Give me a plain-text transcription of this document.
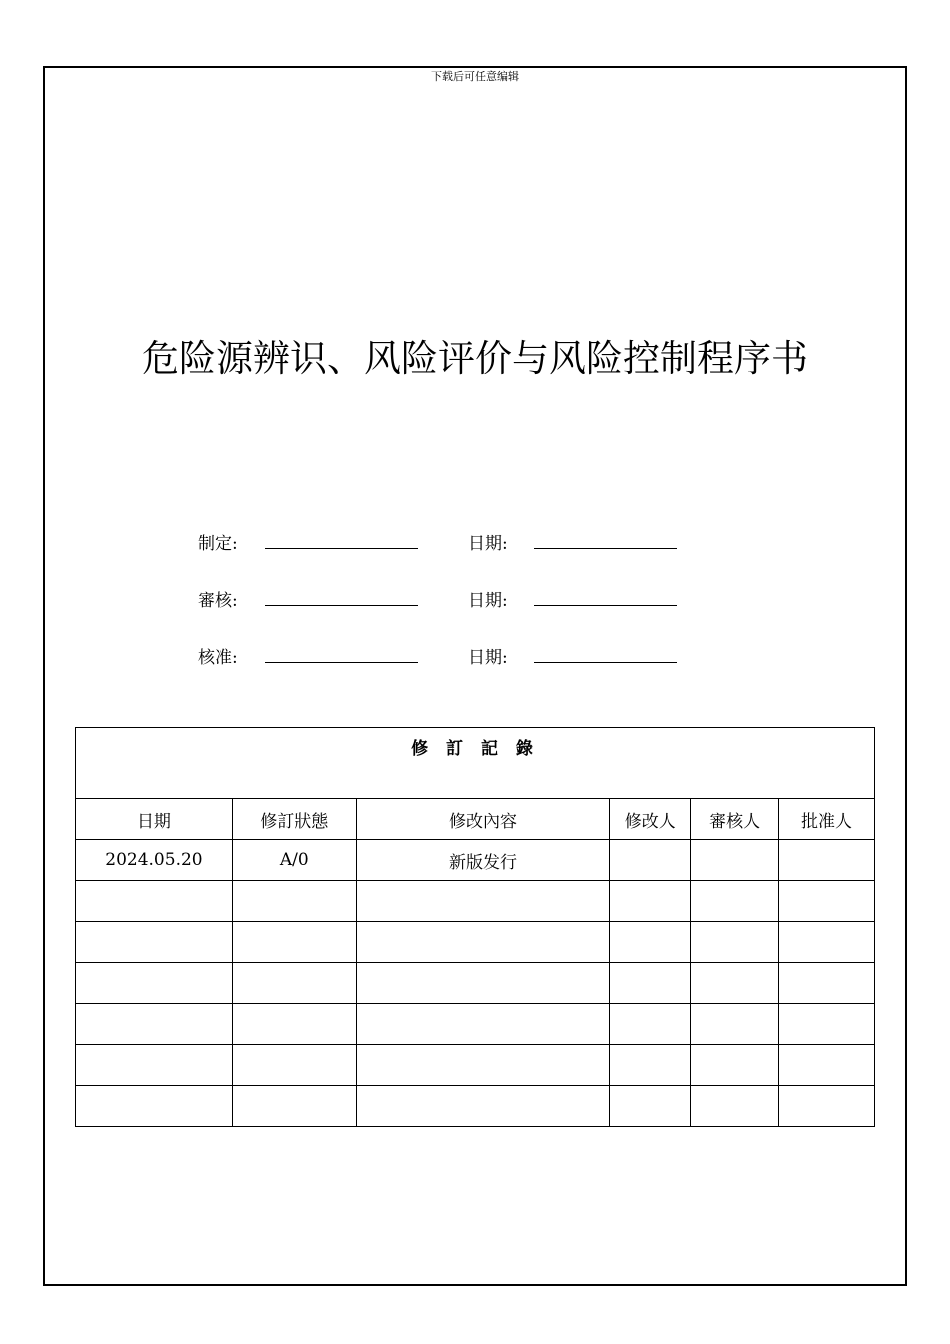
下载后可任意编辑
危险源辨识、风险评价与风险控制程序书
制定:	日期:
審核:	日期:
核准:	日期:
修 訂 記 錄					
日期	修訂狀態	修改內容	修改人	審核人	批准人
2024.05.20	A/0	新版发行			
